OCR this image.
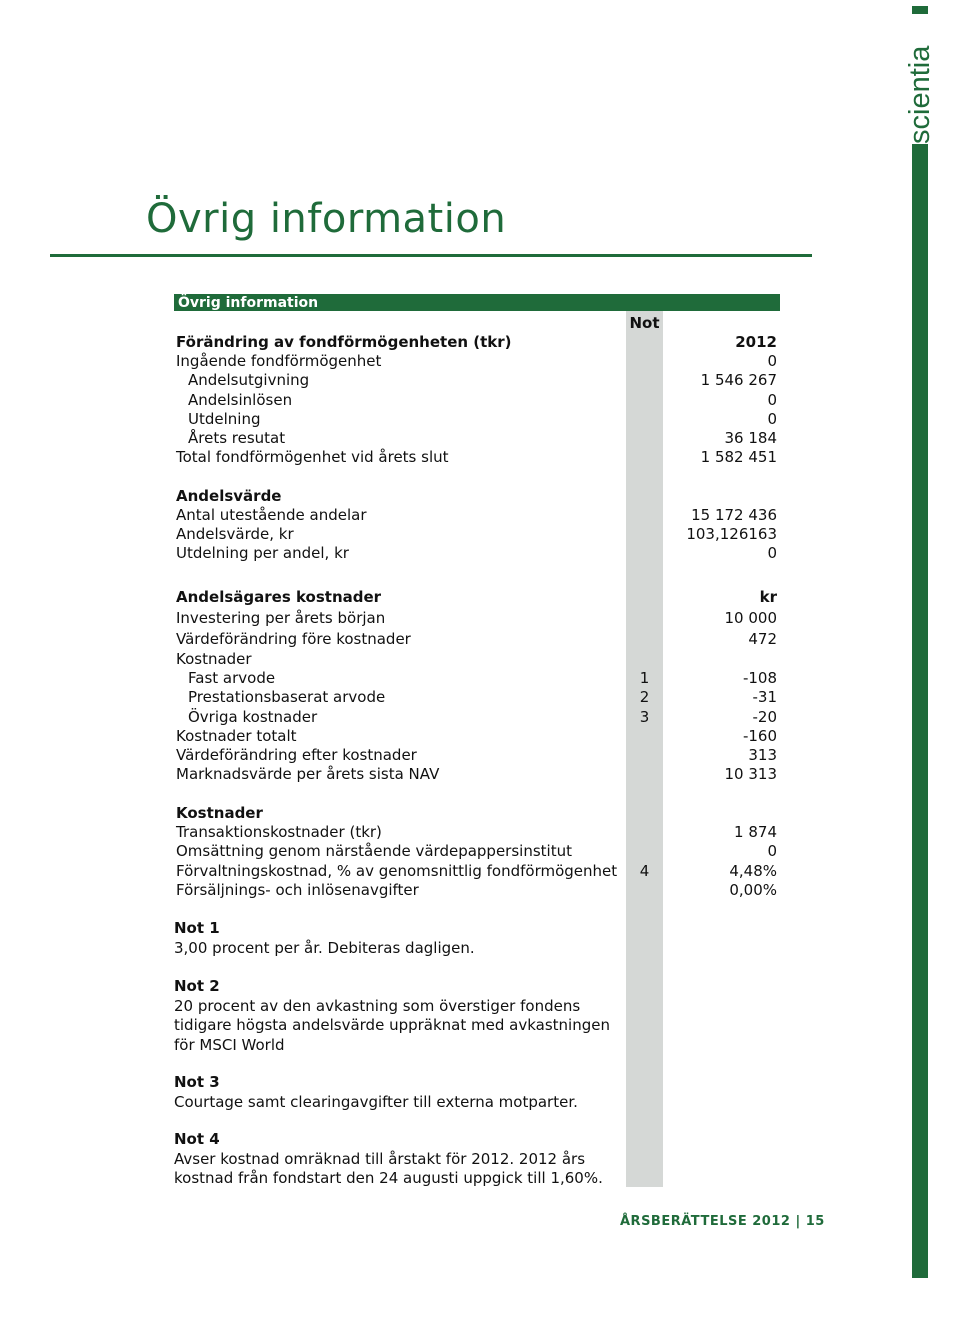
scientia
Övrig information
Övrig information
Not
Förändring av fondförmögenheten (tkr)	2012
Ingående fondförmögenhet	0
Andelsutgivning	1 546 267
Andelsinlösen	0
Utdelning	0
Årets resutat	36 184
Total fondförmögenhet vid årets slut	1 582 451
Andelsvärde
Antal utestående andelar	15 172 436
Andelsvärde, kr	103,126163
Utdelning per andel, kr	0
Andelsägares kostnader	kr
Investering per årets början	10 000
Värdeförändring före kostnader	472
Kostnader
Fast arvode	1	-108
Prestationsbaserat arvode	2	-31
Övriga kostnader	3	-20
Kostnader totalt	-160
Värdeförändring efter kostnader	313
Marknadsvärde per årets sista NAV	10 313
Kostnader
Transaktionskostnader (tkr)	1 874
Omsättning genom närstående värdepappersinstitut	0
Förvaltningskostnad, % av genomsnittlig fondförmögenhet	4	4,48%
Försäljnings- och inlösenavgifter	0,00%
Not 1
3,00 procent per år. Debiteras dagligen.
Not 2
20 procent av den avkastning som överstiger fondens tidigare högsta andelsvärde uppräknat med avkastningen för MSCI World
Not 3
Courtage samt clearingavgifter till externa motparter.
Not 4
Avser kostnad omräknad till årstakt för 2012. 2012 års kostnad från fondstart den 24 augusti uppgick till 1,60%.
ÅRSBERÄTTELSE 2012 | 15
